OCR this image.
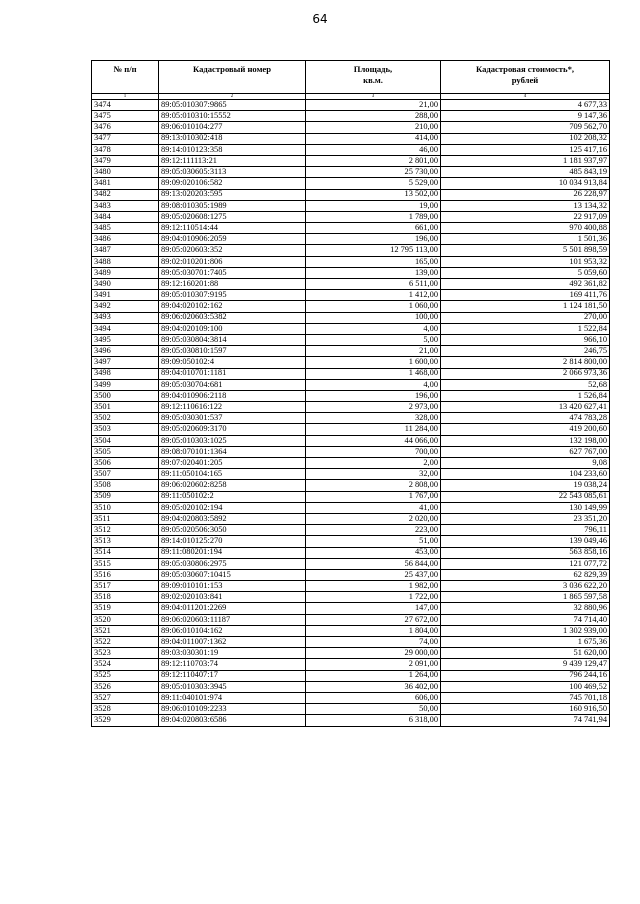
64
№ п/п	Кадастровый номер	Площадь, кв.м.	Кадастровая стоимость*, рублей
1	2	3	4
3474	89:05:010307:9865	21,00	4 677,33
3475	89:05:010310:15552	288,00	9 147,36
3476	89:06:010104:277	210,00	709 562,70
3477	89:13:010302:418	414,00	102 208,32
3478	89:14:010123:358	46,00	125 417,16
3479	89:12:111113:21	2 801,00	1 181 937,97
3480	89:05:030605:3113	25 730,00	485 843,19
3481	89:09:020106:582	5 529,00	10 034 913,84
3482	89:13:020203:595	13 502,00	26 228,97
3483	89:08:010305:1989	19,00	13 134,32
3484	89:05:020608:1275	1 789,00	22 917,09
3485	89:12:110514:44	661,00	970 400,88
3486	89:04:010906:2059	196,00	1 501,36
3487	89:05:020603:352	12 795 113,00	5 501 898,59
3488	89:02:010201:806	165,00	101 953,32
3489	89:05:030701:7405	139,00	5 059,60
3490	89:12:160201:88	6 511,00	492 361,82
3491	89:05:010307:9195	1 412,00	169 411,76
3492	89:04:020102:162	1 060,00	1 124 181,50
3493	89:06:020603:5382	100,00	270,00
3494	89:04:020109:100	4,00	1 522,84
3495	89:05:030804:3814	5,00	966,10
3496	89:05:030810:1597	21,00	246,75
3497	89:09:050102:4	1 600,00	2 814 800,00
3498	89:04:010701:1181	1 468,00	2 066 973,36
3499	89:05:030704:681	4,00	52,68
3500	89:04:010906:2118	196,00	1 526,84
3501	89:12:110616:122	2 973,00	13 420 627,41
3502	89:05:030301:537	328,00	474 783,28
3503	89:05:020609:3170	11 284,00	419 200,60
3504	89:05:010303:1025	44 066,00	132 198,00
3505	89:08:070101:1364	700,00	627 767,00
3506	89:07:020401:205	2,00	9,08
3507	89:11:050104:165	32,00	104 233,60
3508	89:06:020602:8258	2 808,00	19 038,24
3509	89:11:050102:2	1 767,00	22 543 085,61
3510	89:05:020102:194	41,00	130 149,99
3511	89:04:020803:5892	2 020,00	23 351,20
3512	89:05:020506:3050	223,00	796,11
3513	89:14:010125:270	51,00	139 049,46
3514	89:11:080201:194	453,00	563 858,16
3515	89:05:030806:2975	56 844,00	121 077,72
3516	89:05:030607:10415	25 437,00	62 829,39
3517	89:09:010101:153	1 982,00	3 036 622,20
3518	89:02:020103:841	1 722,00	1 865 597,58
3519	89:04:011201:2269	147,00	32 880,96
3520	89:06:020603:11187	27 672,00	74 714,40
3521	89:06:010104:162	1 804,00	1 302 939,00
3522	89:04:011007:1362	74,00	1 675,36
3523	89:03:030301:19	29 000,00	51 620,00
3524	89:12:110703:74	2 091,00	9 439 129,47
3525	89:12:110407:17	1 264,00	796 244,16
3526	89:05:010303:3945	36 402,00	100 469,52
3527	89:11:040101:974	606,00	745 701,18
3528	89:06:010109:2233	50,00	160 916,50
3529	89:04:020803:6586	6 318,00	74 741,94
